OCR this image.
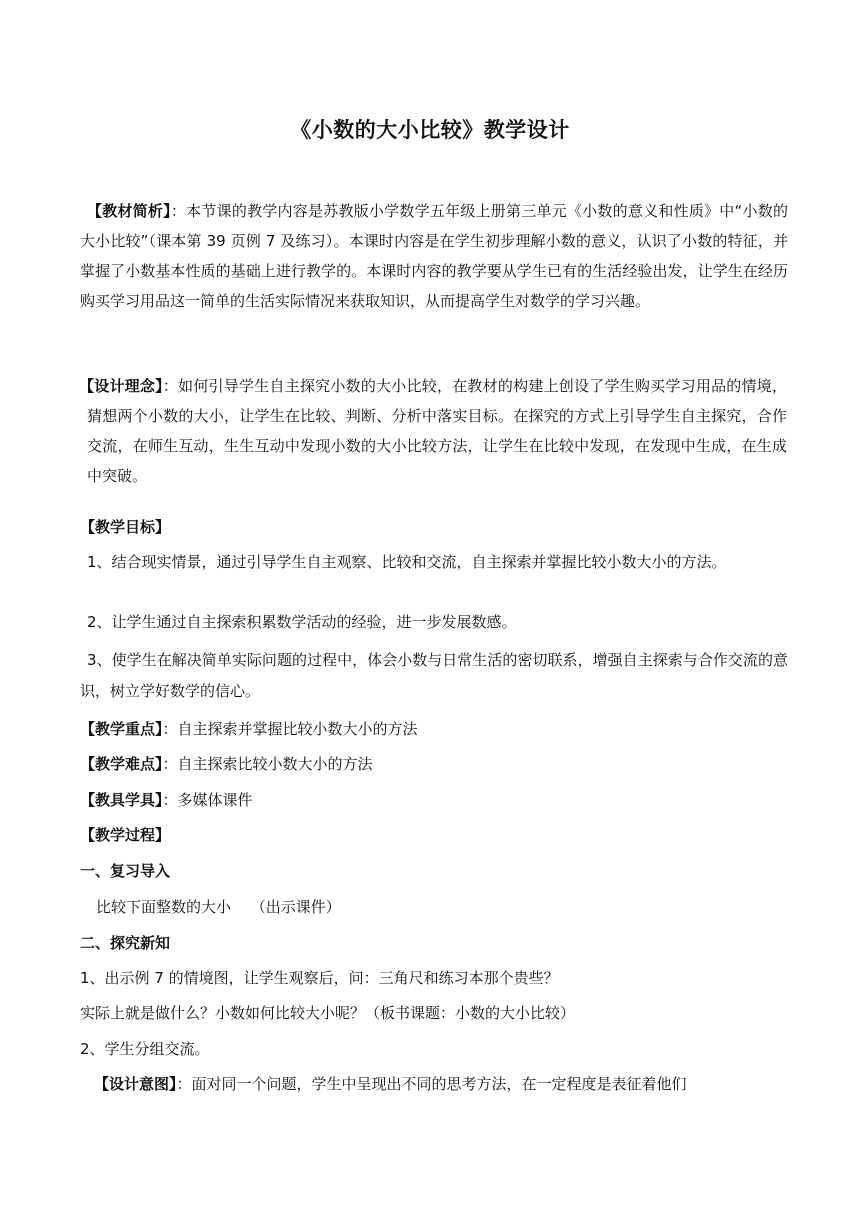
《小数的大小比较》教学设计

【教材简析】：本节课的教学内容是苏教版小学数学五年级上册第三单元《小数的意义和性质》中“小数的大小比较”（课本第 39 页例 7 及练习）。本课时内容是在学生初步理解小数的意义，认识了小数的特征，并掌握了小数基本性质的基础上进行教学的。本课时内容的教学要从学生已有的生活经验出发，让学生在经历购买学习用品这一简单的生活实际情况来获取知识，从而提高学生对数学的学习兴趣。

【设计理念】：如何引导学生自主探究小数的大小比较，在教材的构建上创设了学生购买学习用品的情境，猜想两个小数的大小，让学生在比较、判断、分析中落实目标。在探究的方式上引导学生自主探究，合作交流，在师生互动，生生互动中发现小数的大小比较方法，让学生在比较中发现，在发现中生成，在生成中突破。

【教学目标】

1、结合现实情景，通过引导学生自主观察、比较和交流，自主探索并掌握比较小数大小的方法。

2、让学生通过自主探索积累数学活动的经验，进一步发展数感。

3、使学生在解决简单实际问题的过程中，体会小数与日常生活的密切联系，增强自主探索与合作交流的意识，树立学好数学的信心。

【教学重点】：自主探索并掌握比较小数大小的方法
【教学难点】：自主探索比较小数大小的方法
【教具学具】：多媒体课件
【教学过程】
一、复习导入
比较下面整数的大小　 （出示课件）
二、探究新知
1、出示例 7 的情境图，让学生观察后，问：三角尺和练习本那个贵些？
实际上就是做什么？小数如何比较大小呢？（板书课题：小数的大小比较）
2、学生分组交流。
【设计意图】：面对同一个问题，学生中呈现出不同的思考方法，在一定程度是表征着他们
